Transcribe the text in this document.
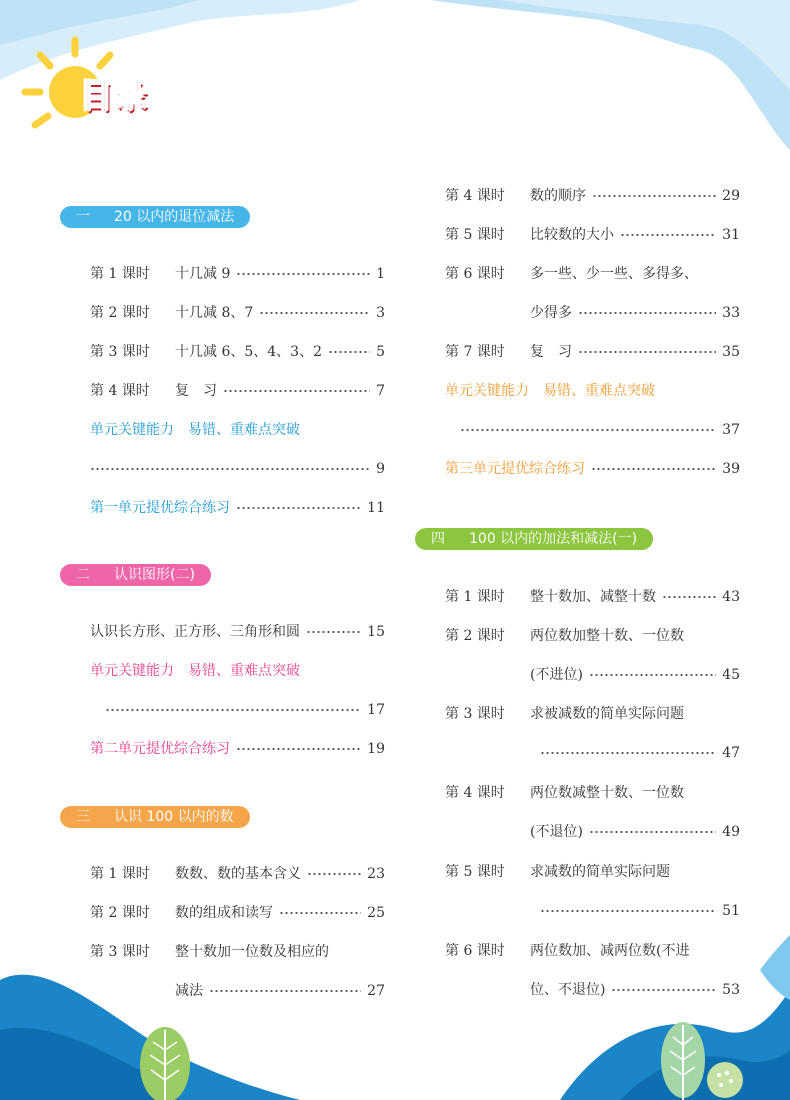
目录
一 20 以内的退位减法
第 1 课时	十几减 9	1
第 2 课时	十几减 8、7	3
第 3 课时	十几减 6、5、4、3、2	5
第 4 课时	复　习	7
单元关键能力　易错、重难点突破
9
第一单元提优综合练习	11
二 认识图形(二)
认识长方形、正方形、三角形和圆	15
单元关键能力　易错、重难点突破
17
第二单元提优综合练习	19
三 认识 100 以内的数
第 1 课时	数数、数的基本含义	23
第 2 课时	数的组成和读写	25
第 3 课时	整十数加一位数及相应的
减法	27
第 4 课时	数的顺序	29
第 5 课时	比较数的大小	31
第 6 课时	多一些、少一些、多得多、
少得多	33
第 7 课时	复　习	35
单元关键能力　易错、重难点突破
37
第三单元提优综合练习	39
四 100 以内的加法和减法(一)
第 1 课时	整十数加、减整十数	43
第 2 课时	两位数加整十数、一位数
(不进位)	45
第 3 课时	求被减数的简单实际问题
47
第 4 课时	两位数减整十数、一位数
(不退位)	49
第 5 课时	求减数的简单实际问题
51
第 6 课时	两位数加、减两位数(不进
位、不退位)	53
